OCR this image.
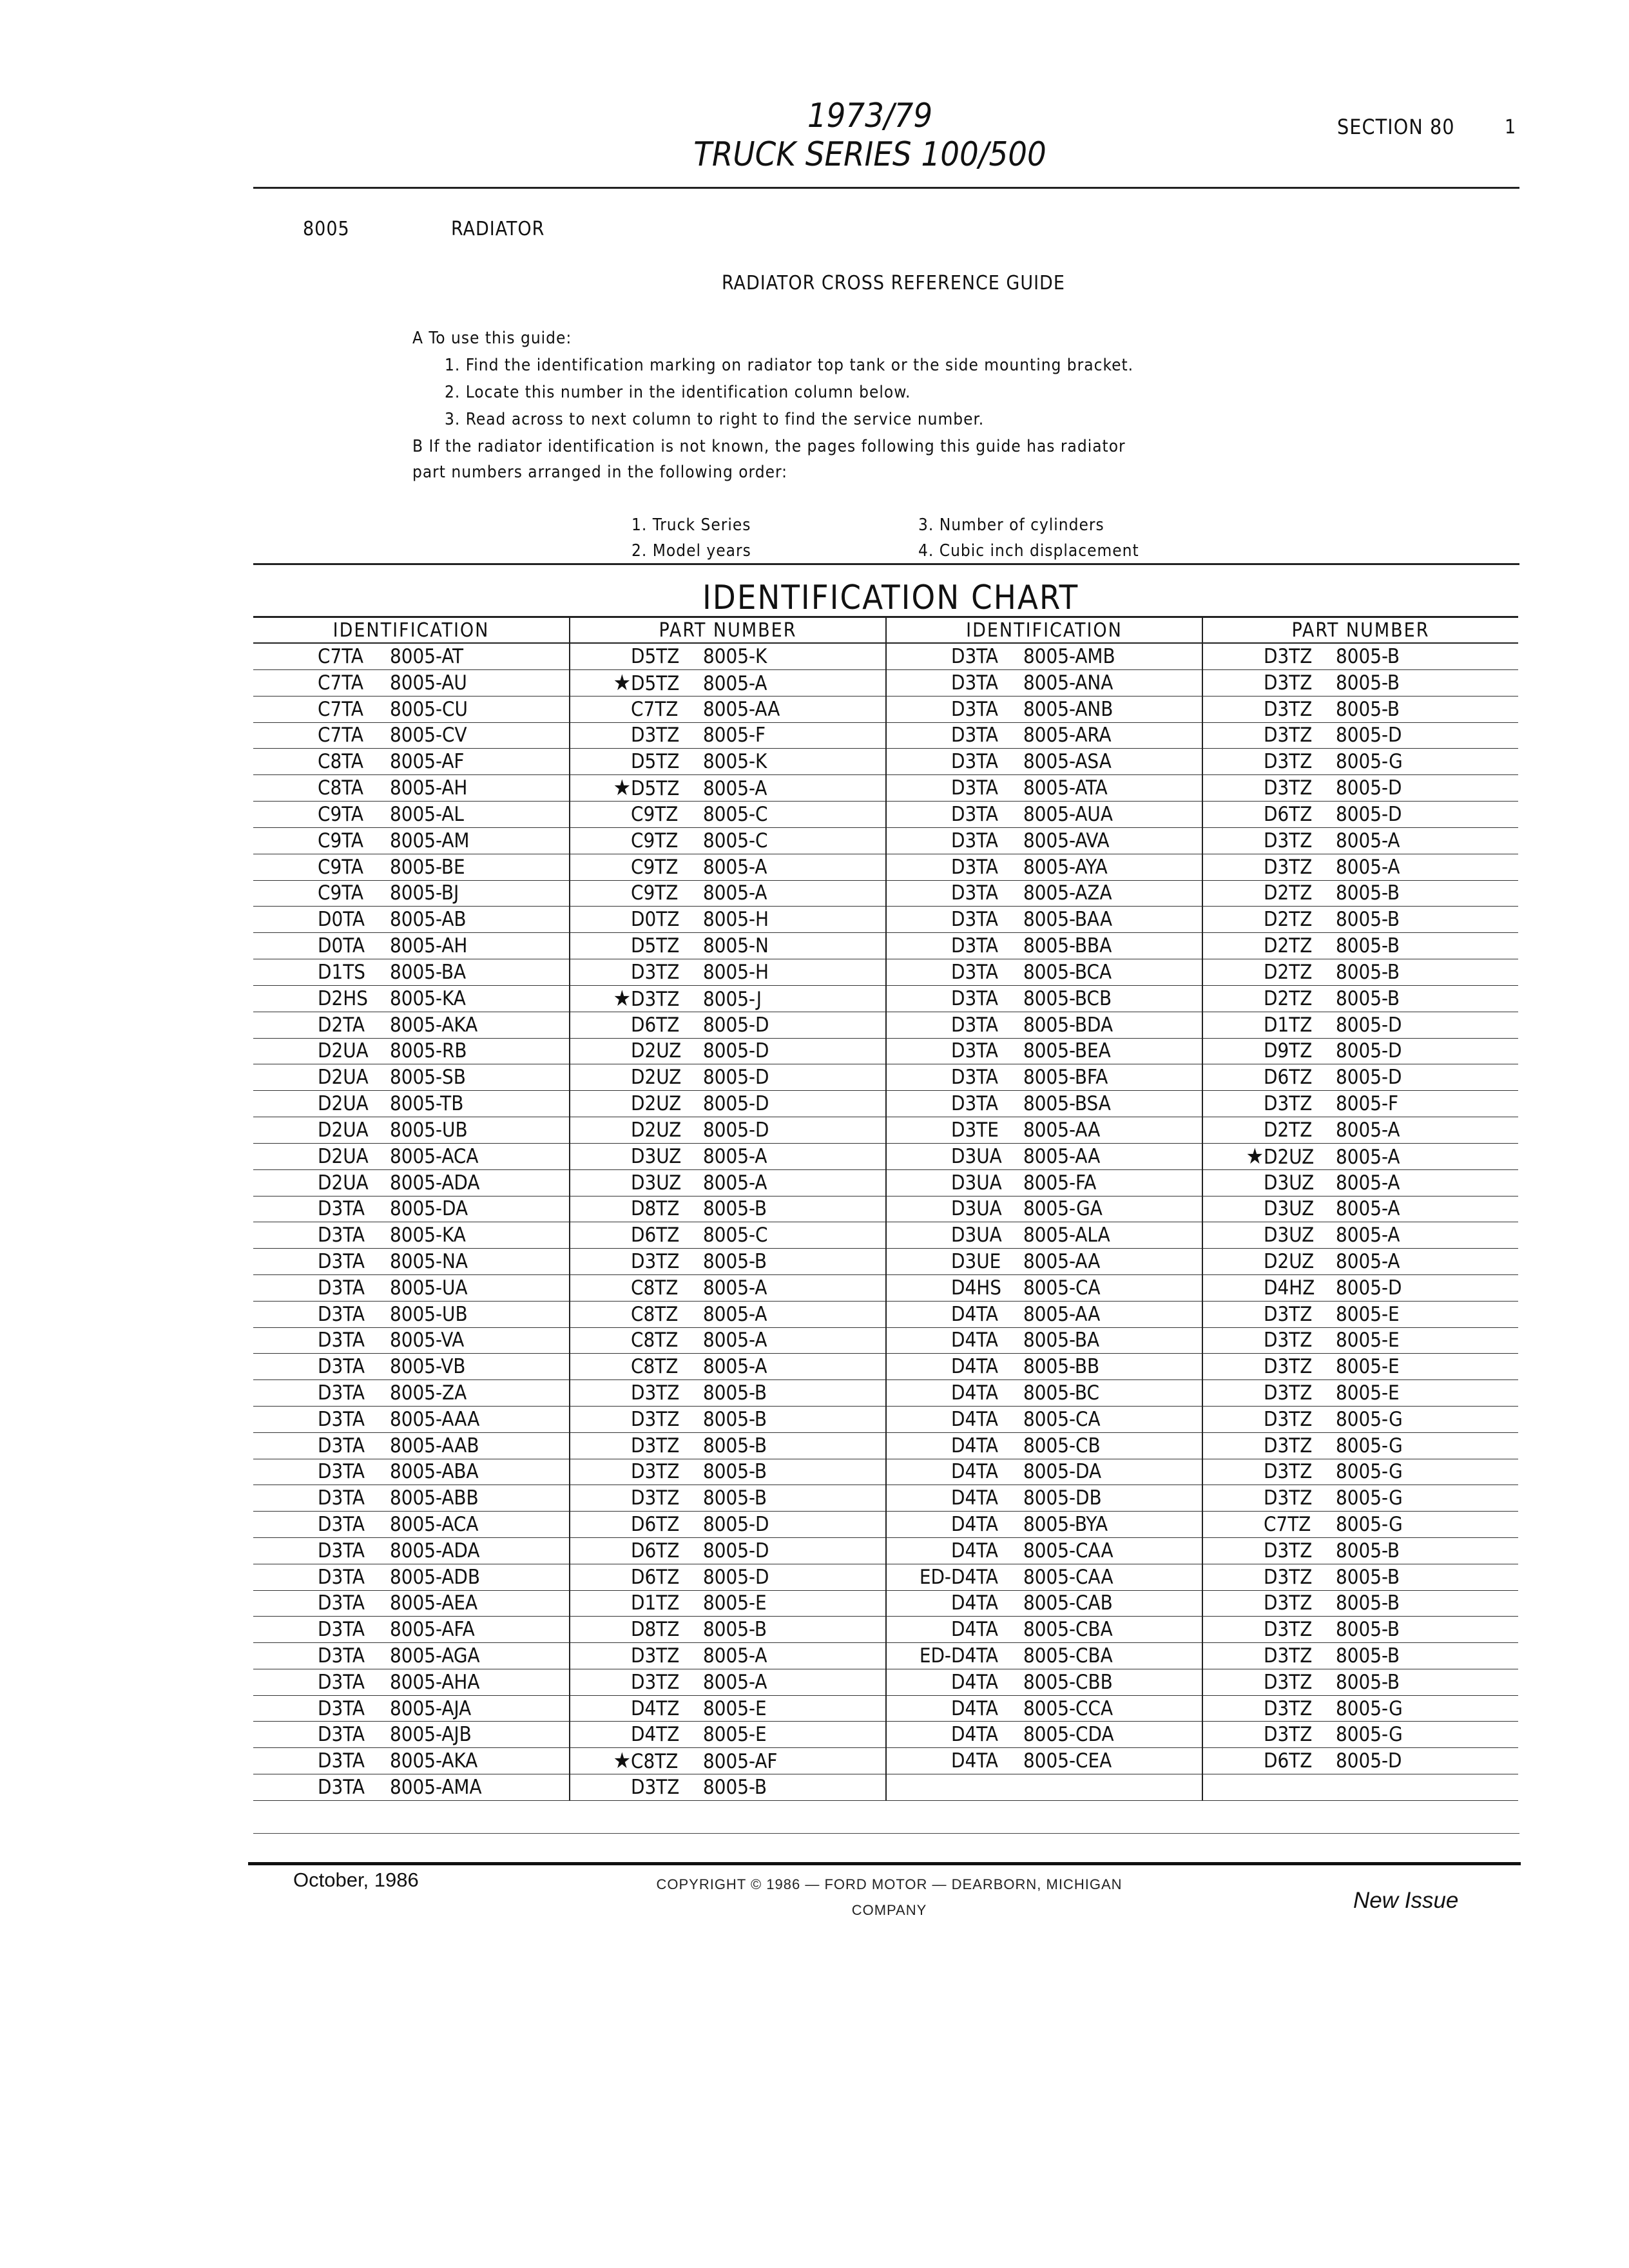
1973/79
TRUCK SERIES 100/500
SECTION 80	1
8005	RADIATOR
RADIATOR CROSS REFERENCE GUIDE
A To use this guide:
1. Find the identification marking on radiator top tank or the side mounting bracket.
2. Locate this number in the identification column below.
3. Read across to next column to right to find the service number.
B If the radiator identification is not known, the pages following this guide has radiator
part numbers arranged in the following order:
1. Truck Series
2. Model years
3. Number of cylinders
4. Cubic inch displacement
IDENTIFICATION CHART
IDENTIFICATION	PART NUMBER	IDENTIFICATION	PART NUMBER
C7TA 8005-AT	D5TZ 8005-K	D3TA 8005-AMB	D3TZ 8005-B
C7TA 8005-AU	★D5TZ 8005-A	D3TA 8005-ANA	D3TZ 8005-B
C7TA 8005-CU	C7TZ 8005-AA	D3TA 8005-ANB	D3TZ 8005-B
C7TA 8005-CV	D3TZ 8005-F	D3TA 8005-ARA	D3TZ 8005-D
C8TA 8005-AF	D5TZ 8005-K	D3TA 8005-ASA	D3TZ 8005-G
C8TA 8005-AH	★D5TZ 8005-A	D3TA 8005-ATA	D3TZ 8005-D
C9TA 8005-AL	C9TZ 8005-C	D3TA 8005-AUA	D6TZ 8005-D
C9TA 8005-AM	C9TZ 8005-C	D3TA 8005-AVA	D3TZ 8005-A
C9TA 8005-BE	C9TZ 8005-A	D3TA 8005-AYA	D3TZ 8005-A
C9TA 8005-BJ	C9TZ 8005-A	D3TA 8005-AZA	D2TZ 8005-B
D0TA 8005-AB	D0TZ 8005-H	D3TA 8005-BAA	D2TZ 8005-B
D0TA 8005-AH	D5TZ 8005-N	D3TA 8005-BBA	D2TZ 8005-B
D1TS 8005-BA	D3TZ 8005-H	D3TA 8005-BCA	D2TZ 8005-B
D2HS 8005-KA	★D3TZ 8005-J	D3TA 8005-BCB	D2TZ 8005-B
D2TA 8005-AKA	D6TZ 8005-D	D3TA 8005-BDA	D1TZ 8005-D
D2UA 8005-RB	D2UZ 8005-D	D3TA 8005-BEA	D9TZ 8005-D
D2UA 8005-SB	D2UZ 8005-D	D3TA 8005-BFA	D6TZ 8005-D
D2UA 8005-TB	D2UZ 8005-D	D3TA 8005-BSA	D3TZ 8005-F
D2UA 8005-UB	D2UZ 8005-D	D3TE 8005-AA	D2TZ 8005-A
D2UA 8005-ACA	D3UZ 8005-A	D3UA 8005-AA	★D2UZ 8005-A
D2UA 8005-ADA	D3UZ 8005-A	D3UA 8005-FA	D3UZ 8005-A
D3TA 8005-DA	D8TZ 8005-B	D3UA 8005-GA	D3UZ 8005-A
D3TA 8005-KA	D6TZ 8005-C	D3UA 8005-ALA	D3UZ 8005-A
D3TA 8005-NA	D3TZ 8005-B	D3UE 8005-AA	D2UZ 8005-A
D3TA 8005-UA	C8TZ 8005-A	D4HS 8005-CA	D4HZ 8005-D
D3TA 8005-UB	C8TZ 8005-A	D4TA 8005-AA	D3TZ 8005-E
D3TA 8005-VA	C8TZ 8005-A	D4TA 8005-BA	D3TZ 8005-E
D3TA 8005-VB	C8TZ 8005-A	D4TA 8005-BB	D3TZ 8005-E
D3TA 8005-ZA	D3TZ 8005-B	D4TA 8005-BC	D3TZ 8005-E
D3TA 8005-AAA	D3TZ 8005-B	D4TA 8005-CA	D3TZ 8005-G
D3TA 8005-AAB	D3TZ 8005-B	D4TA 8005-CB	D3TZ 8005-G
D3TA 8005-ABA	D3TZ 8005-B	D4TA 8005-DA	D3TZ 8005-G
D3TA 8005-ABB	D3TZ 8005-B	D4TA 8005-DB	D3TZ 8005-G
D3TA 8005-ACA	D6TZ 8005-D	D4TA 8005-BYA	C7TZ 8005-G
D3TA 8005-ADA	D6TZ 8005-D	D4TA 8005-CAA	D3TZ 8005-B
D3TA 8005-ADB	D6TZ 8005-D	ED-D4TA 8005-CAA	D3TZ 8005-B
D3TA 8005-AEA	D1TZ 8005-E	D4TA 8005-CAB	D3TZ 8005-B
D3TA 8005-AFA	D8TZ 8005-B	D4TA 8005-CBA	D3TZ 8005-B
D3TA 8005-AGA	D3TZ 8005-A	ED-D4TA 8005-CBA	D3TZ 8005-B
D3TA 8005-AHA	D3TZ 8005-A	D4TA 8005-CBB	D3TZ 8005-B
D3TA 8005-AJA	D4TZ 8005-E	D4TA 8005-CCA	D3TZ 8005-G
D3TA 8005-AJB	D4TZ 8005-E	D4TA 8005-CDA	D3TZ 8005-G
D3TA 8005-AKA	★C8TZ 8005-AF	D4TA 8005-CEA	D6TZ 8005-D
D3TA 8005-AMA	D3TZ 8005-B		
October, 1986	COPYRIGHT © 1986 — FORD MOTOR — DEARBORN, MICHIGAN
COMPANY	New Issue
